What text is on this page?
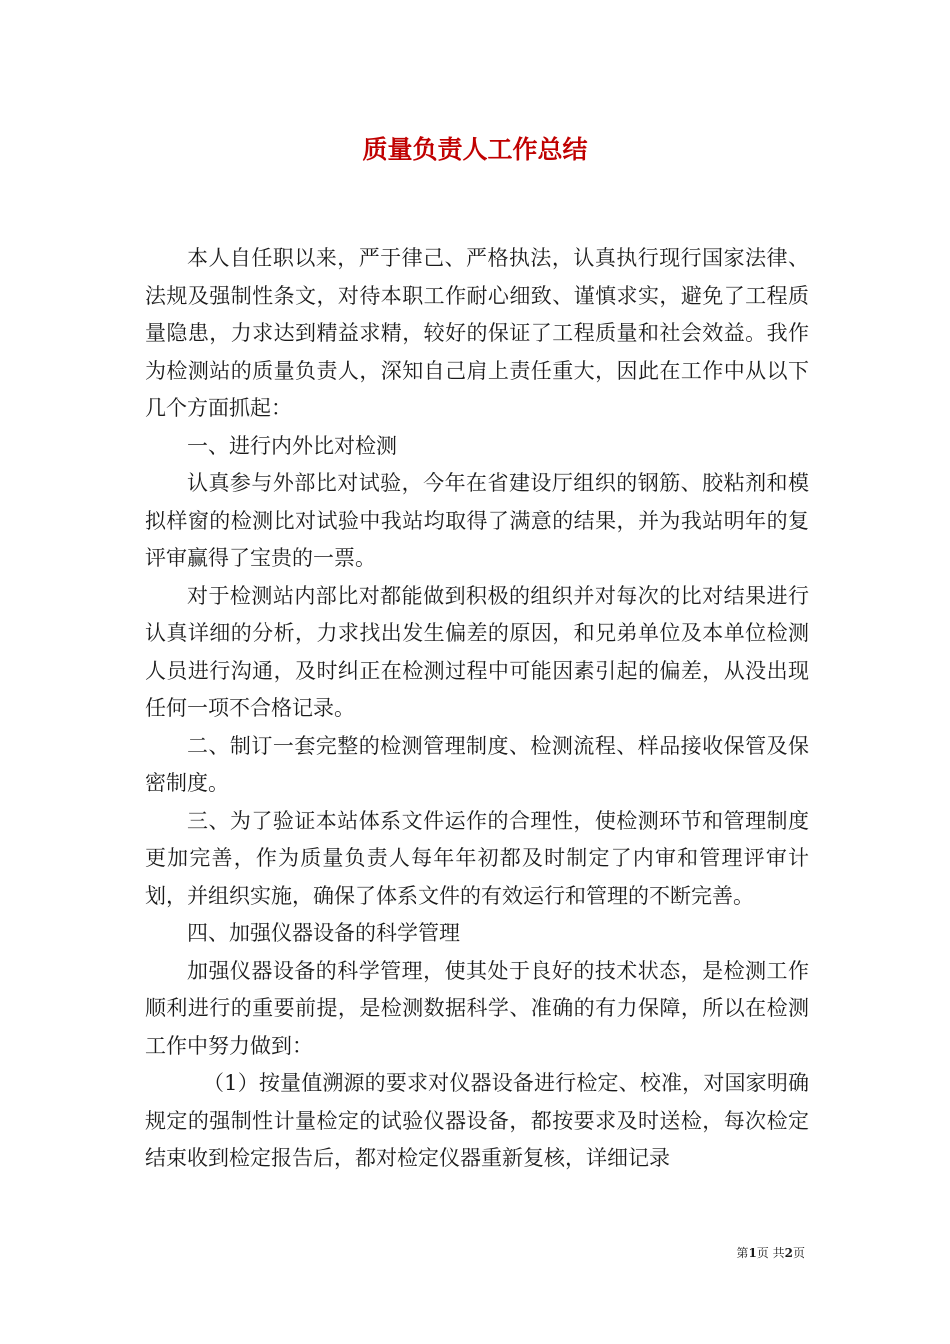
质量负责人工作总结

本人自任职以来，严于律己、严格执法，认真执行现行国家法律、法规及强制性条文，对待本职工作耐心细致、谨慎求实，避免了工程质量隐患，力求达到精益求精，较好的保证了工程质量和社会效益。我作为检测站的质量负责人，深知自己肩上责任重大，因此在工作中从以下几个方面抓起：

一、进行内外比对检测

认真参与外部比对试验，今年在省建设厅组织的钢筋、胶粘剂和模拟样窗的检测比对试验中我站均取得了满意的结果，并为我站明年的复评审赢得了宝贵的一票。

对于检测站内部比对都能做到积极的组织并对每次的比对结果进行认真详细的分析，力求找出发生偏差的原因，和兄弟单位及本单位检测人员进行沟通，及时纠正在检测过程中可能因素引起的偏差，从没出现任何一项不合格记录。

二、制订一套完整的检测管理制度、检测流程、样品接收保管及保密制度。

三、为了验证本站体系文件运作的合理性，使检测环节和管理制度更加完善，作为质量负责人每年年初都及时制定了内审和管理评审计划，并组织实施，确保了体系文件的有效运行和管理的不断完善。

四、加强仪器设备的科学管理

加强仪器设备的科学管理，使其处于良好的技术状态，是检测工作顺利进行的重要前提，是检测数据科学、准确的有力保障，所以在检测工作中努力做到：

（1）按量值溯源的要求对仪器设备进行检定、校准，对国家明确规定的强制性计量检定的试验仪器设备，都按要求及时送检，每次检定结束收到检定报告后，都对检定仪器重新复核，详细记录

第1页 共2页
